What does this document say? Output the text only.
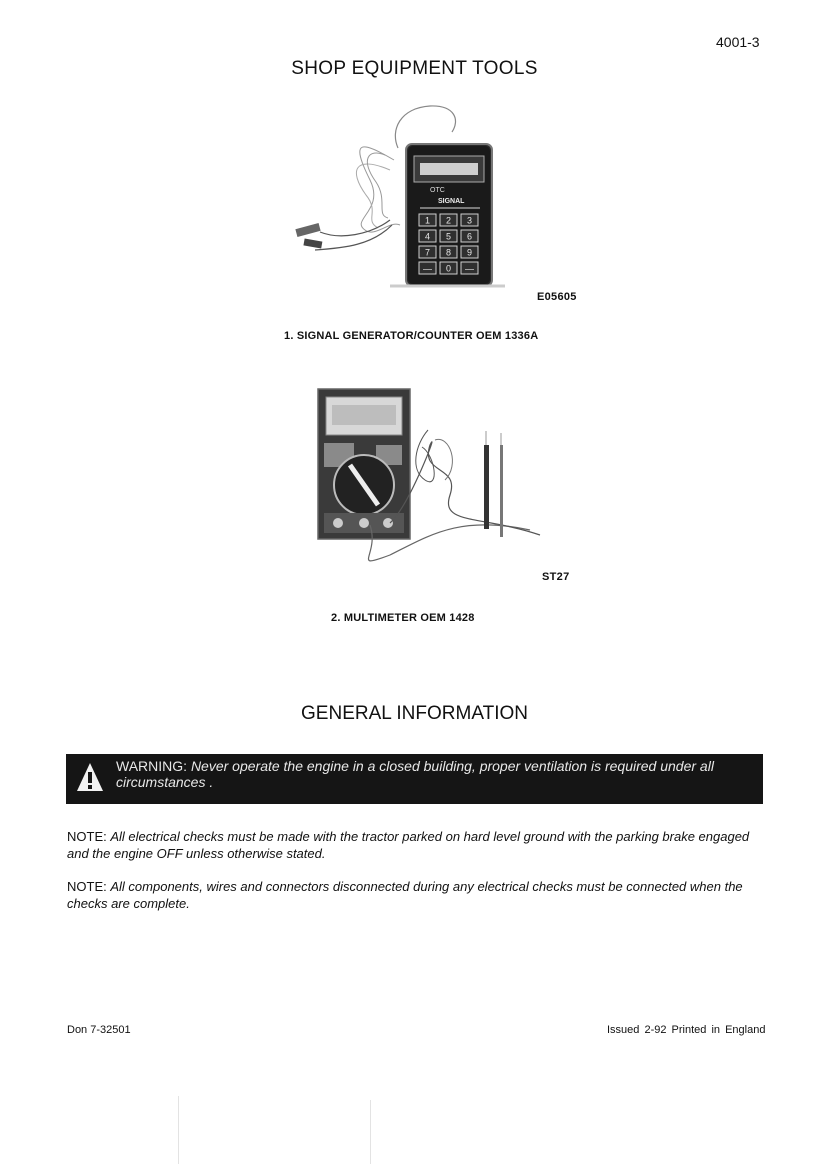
4001-3
SHOP EQUIPMENT TOOLS
OTC
SIGNAL
1 2 3
4 5 6
7 8 9
— 0 —
E05605
1. SIGNAL GENERATOR/COUNTER OEM 1336A
ST27
2. MULTIMETER OEM 1428
GENERAL INFORMATION
WARNING: Never operate the engine in a closed building, proper ventilation is required under all circumstances .
NOTE: All electrical checks must be made with the tractor parked on hard level ground with the parking brake engaged and the engine OFF unless otherwise stated.
NOTE: All components, wires and connectors disconnected during any electrical checks must be connected when the checks are complete.
Don 7-32501	Issued 2-92 Printed in England
